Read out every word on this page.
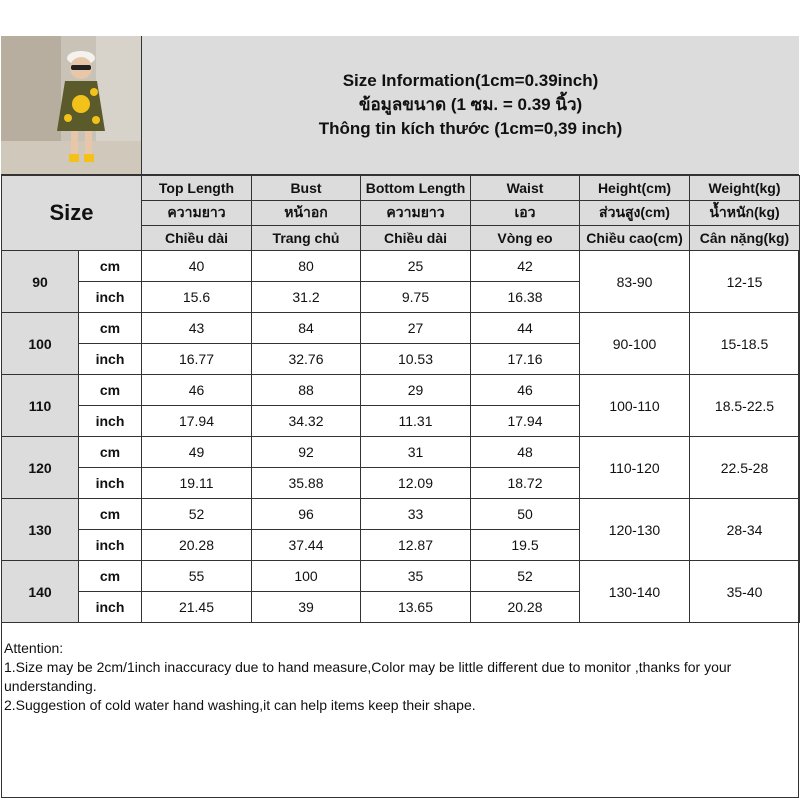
Size Information(1cm=0.39inch)
ข้อมูลขนาด (1 ซม. = 0.39 นิ้ว)
Thông tin kích thước (1cm=0,39 inch)
Size		Top Length	Bust	Bottom Length	Waist	Height(cm)	Weight(kg)
		ความยาว	หน้าอก	ความยาว	เอว	ส่วนสูง(cm)	น้ำหนัก(kg)
		Chiều dài	Trang chủ	Chiều dài	Vòng eo	Chiều cao(cm)	Cân nặng(kg)
90	cm	40	80	25	42	83-90	12-15
	inch	15.6	31.2	9.75	16.38		
100	cm	43	84	27	44	90-100	15-18.5
	inch	16.77	32.76	10.53	17.16		
110	cm	46	88	29	46	100-110	18.5-22.5
	inch	17.94	34.32	11.31	17.94		
120	cm	49	92	31	48	110-120	22.5-28
	inch	19.11	35.88	12.09	18.72		
130	cm	52	96	33	50	120-130	28-34
	inch	20.28	37.44	12.87	19.5		
140	cm	55	100	35	52	130-140	35-40
	inch	21.45	39	13.65	20.28		

Attention:

1.Size may be 2cm/1inch inaccuracy due to hand measure,Color may be little different due to monitor ,thanks for your understanding.

2.Suggestion of cold water hand washing,it can help items keep their shape.
